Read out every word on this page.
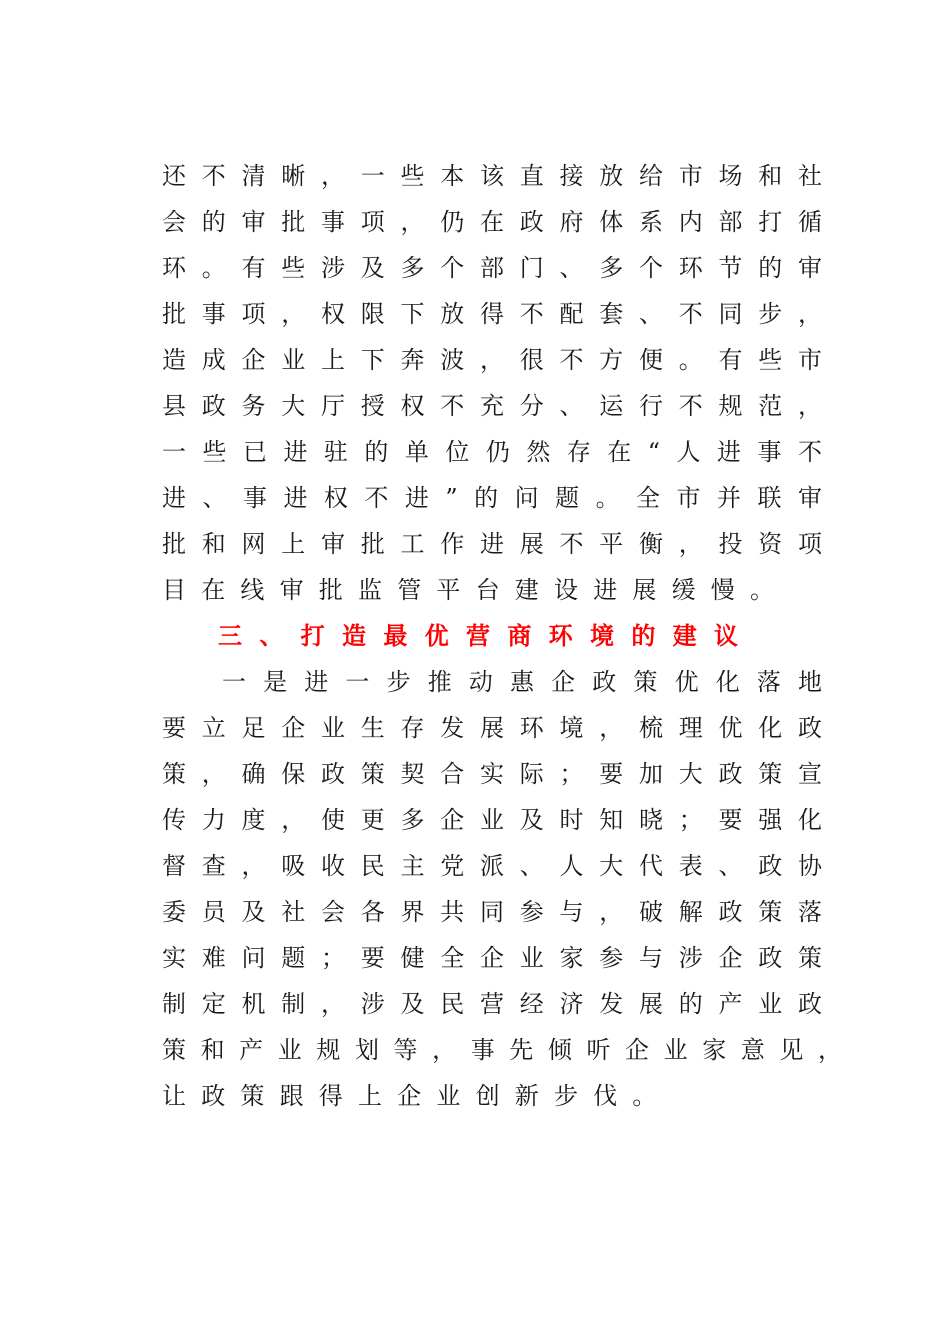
还不清晰，一些本该直接放给市场和社
会的审批事项，仍在政府体系内部打循
环。有些涉及多个部门、多个环节的审
批事项，权限下放得不配套、不同步，
造成企业上下奔波，很不方便。有些市
县政务大厅授权不充分、运行不规范，
一些已进驻的单位仍然存在“人进事不
进、事进权不进”的问题。全市并联审
批和网上审批工作进展不平衡，投资项
目在线审批监管平台建设进展缓慢。
三、打造最优营商环境的建议
一是进一步推动惠企政策优化落地
要立足企业生存发展环境，梳理优化政
策，确保政策契合实际；要加大政策宣
传力度，使更多企业及时知晓；要强化
督查，吸收民主党派、人大代表、政协
委员及社会各界共同参与，破解政策落
实难问题；要健全企业家参与涉企政策
制定机制，涉及民营经济发展的产业政
策和产业规划等，事先倾听企业家意见，
让政策跟得上企业创新步伐。
